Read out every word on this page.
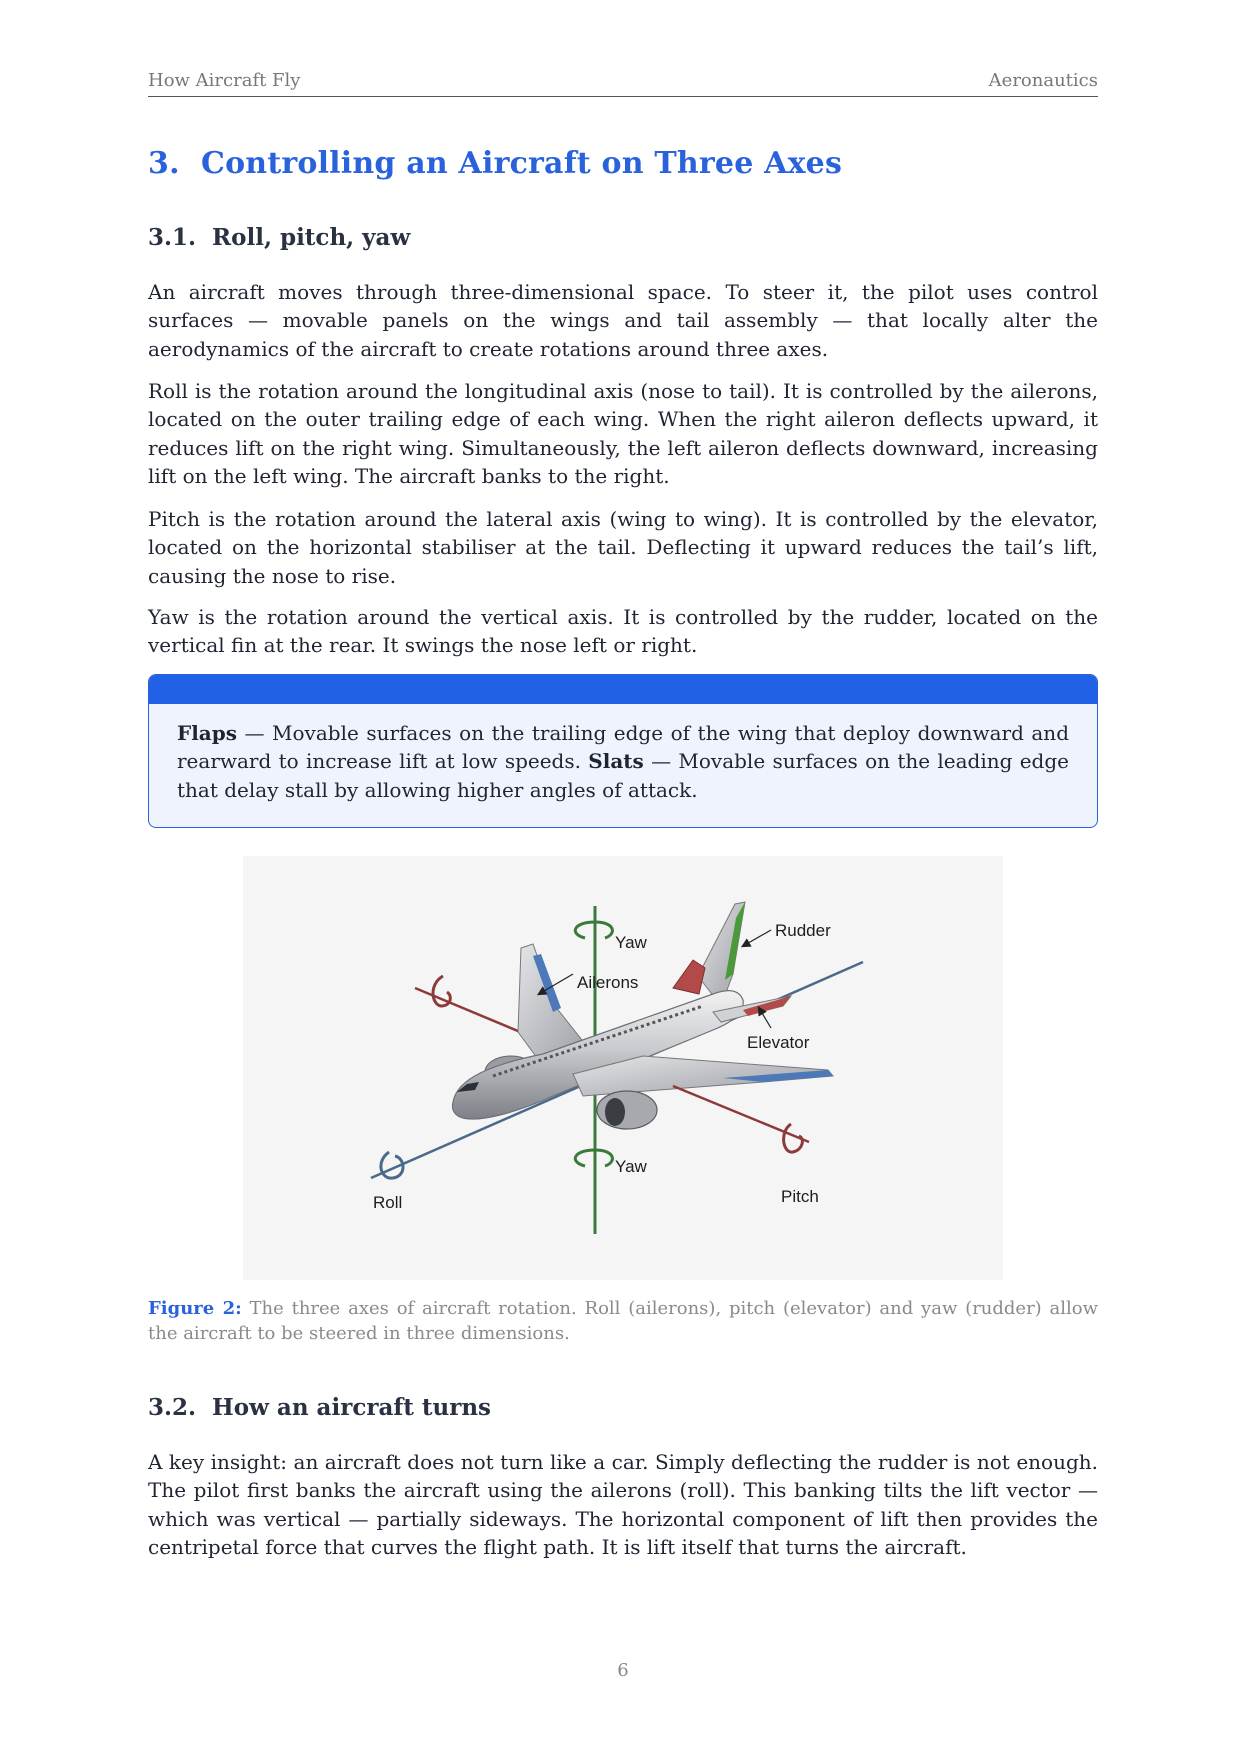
How Aircraft Fly	Aeronautics
3. Controlling an Aircraft on Three Axes
3.1. Roll, pitch, yaw

An aircraft moves through three-dimensional space. To steer it, the pilot uses control surfaces — movable panels on the wings and tail assembly — that locally alter the aerodynamics of the aircraft to create rotations around three axes.

Roll is the rotation around the longitudinal axis (nose to tail). It is controlled by the ailerons, located on the outer trailing edge of each wing. When the right aileron deflects upward, it reduces lift on the right wing. Simultaneously, the left aileron deflects downward, increasing lift on the left wing. The aircraft banks to the right.

Pitch is the rotation around the lateral axis (wing to wing). It is controlled by the elevator, located on the horizontal stabiliser at the tail. Deflecting it upward reduces the tail’s lift, causing the nose to rise.

Yaw is the rotation around the vertical axis. It is controlled by the rudder, located on the vertical fin at the rear. It swings the nose left or right.

Flaps — Movable surfaces on the trailing edge of the wing that deploy downward and rearward to increase lift at low speeds. Slats — Movable surfaces on the leading edge that delay stall by allowing higher angles of attack.

Yaw
Yaw
Ailerons
Rudder
Elevator
Roll	Pitch

Figure 2: The three axes of aircraft rotation. Roll (ailerons), pitch (elevator) and yaw (rudder) allow the aircraft to be steered in three dimensions.

3.2. How an aircraft turns

A key insight: an aircraft does not turn like a car. Simply deflecting the rudder is not enough. The pilot first banks the aircraft using the ailerons (roll). This banking tilts the lift vector — which was vertical — partially sideways. The horizontal component of lift then provides the centripetal force that curves the flight path. It is lift itself that turns the aircraft.

6
